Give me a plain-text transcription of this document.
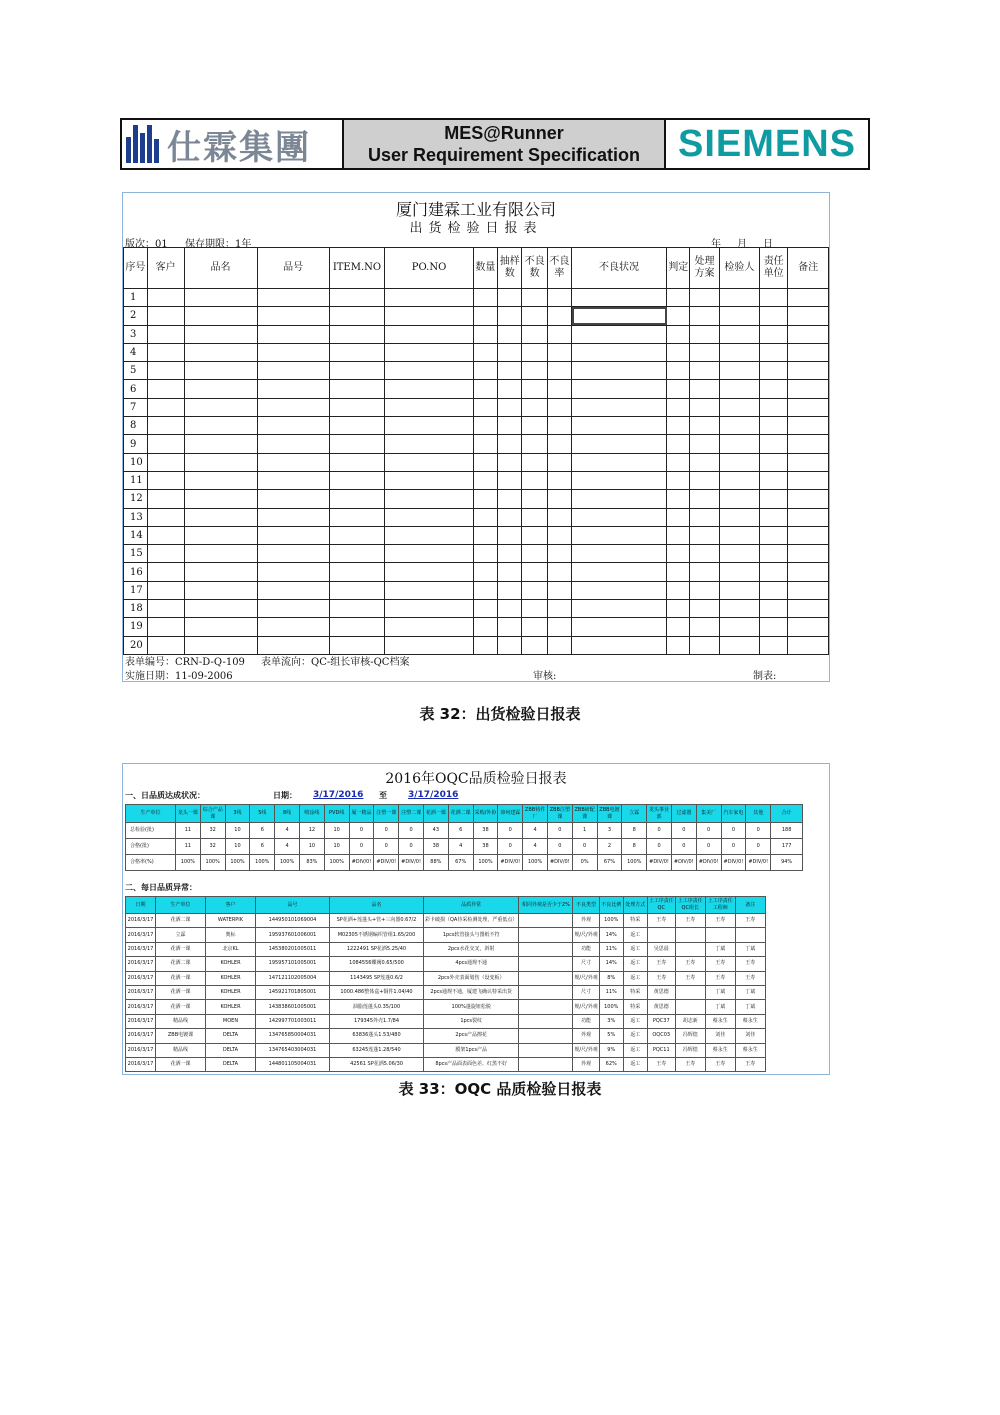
仕霖集團	MES@Runner
User Requirement Specification SIEMENS
厦门建霖工业有限公司
出货检验日报表
版次：01 保存期限：1年	年 月 日
序号	客户	品名	品号	ITEM.NO	PO.NO	数量	抽样数	不良数	不良率	不良状况	判定	处理方案	检验人	责任单位	备注
1															
2															
3															
4															
5															
6															
7															
8															
9															
10															
11															
12															
13															
14															
15															
16															
17															
18															
19															
20															
表单编号：CRN-D-Q-109 表单流向：QC-组长审核-QC档案
实施日期：11-09-2006	审核:	制表:
表 32：出货检验日报表
2016年OQC品质检验日报表
一、日品质达成状况：	日期： 3/17/2016 至 3/17/2016
生产单位	龙头一课	综合产品课	3线	5线	8线	喷涂线	PVD线	厦一精品	注塑一课	注塑二课	花洒一课	花洒二课	采购/外协	漳州建霖	ZBB铸件厂	ZBB注塑课	ZBB研配课	ZBB电镀课	立霖	龙头事业部	过滤器	集美厂	汽车家电	其他	合计
总检验(批)	11	32	10	6	4	12	10	0	0	0	43	6	38	0	4	0	1	3	8	0	0	0	0	0	188
合格(批)	11	32	10	6	4	10	10	0	0	0	38	4	38	0	4	0	0	2	8	0	0	0	0	0	177
合格率(%)	100%	100%	100%	100%	100%	83%	100%	#DIV/0!	#DIV/0!	#DIV/0!	88%	67%	100%	#DIV/0!	100%	#DIV/0!	0%	67%	100%	#DIV/0!	#DIV/0!	#DIV/0!	#DIV/0!	#DIV/0!	94%
二、每日品质异常：
日期	生产单位	客户	品号	品名	品质异常	相同外观是否少于2%	不良类型	不良比例	处理方式	上工序责任QC	上工序责任QC组长	上工序责任工程师	备注
2016/3/17	花洒二课	WATERPIK	144950101069004	SP花洒+莲蓬头+管+三向器0.67/2	彩卡破损（QA待采检测处理，严重低点）		外观	100%	特采	王寿	王寿	王寿	王寿
2016/3/17	立霖	奥标	195937601006001	M02305不锈钢编织管组1.65/200	1pcs软管接头与图纸不符		规/尺/外观	14%	返工				
2016/3/17	花洒一课	北京KL	145380201005011	1222491 SP花洒5.25/40	2pcs水花交叉，斜射		功能	11%	返工	吴思晨		丁斌	丁斌
2016/3/17	花洒二课	KOHLER	195957101005001	1084556蝶阀0.65/500	4pcs通规不通		尺寸	14%	返工	王寿	王寿	王寿	王寿
2016/3/17	花洒一课	KOHLER	147121102005004	1143495 SP莲蓬0.6/2	2pcs外壳表面划伤（设变板）		规/尺/外观	8%	返工	王寿	王寿	王寿	王寿
2016/3/17	花洒一课	KOHLER	145921701805001	1000.486整体盒+铜件1.04/40	2pcs通规不通，厦建飞确认特采出货		尺寸	11%	特采	黄思德		丁斌	丁斌
2016/3/17	花洒一课	KOHLER	143838601005001	油脂莲蓬头0.35/100	100%蓬旋钮松脱		规/尺/外观	100%	特采	黄思德		丁斌	丁斌
2016/3/17	精品线	MOEN	142997701003011	179345外壳1.7/84	1pcs裂纹		功能	3%	返工	PQC37	胡志新	蔡永生	蔡永生
2016/3/17	ZBB电镀课	DELTA	134765850004031	63836蓬头1.53/480	2pcs产品擦花		外观	5%	返工	OQC03	冯辉煌	刘佳	刘佳
2016/3/17	精品线	DELTA	134765403004031	63245莲蓬1.28/540	膜架1pcs产品		规/尺/外观	9%	返工	PQC11	冯辉煌	蔡永生	蔡永生
2016/3/17	花洒一课	DELTA	144801105004031	42561 SP花洒5.06/30	8pcs产品面表面色差、红黑不好		外观	62%	返工	王寿	王寿	王寿	王寿
表 33：OQC 品质检验日报表
